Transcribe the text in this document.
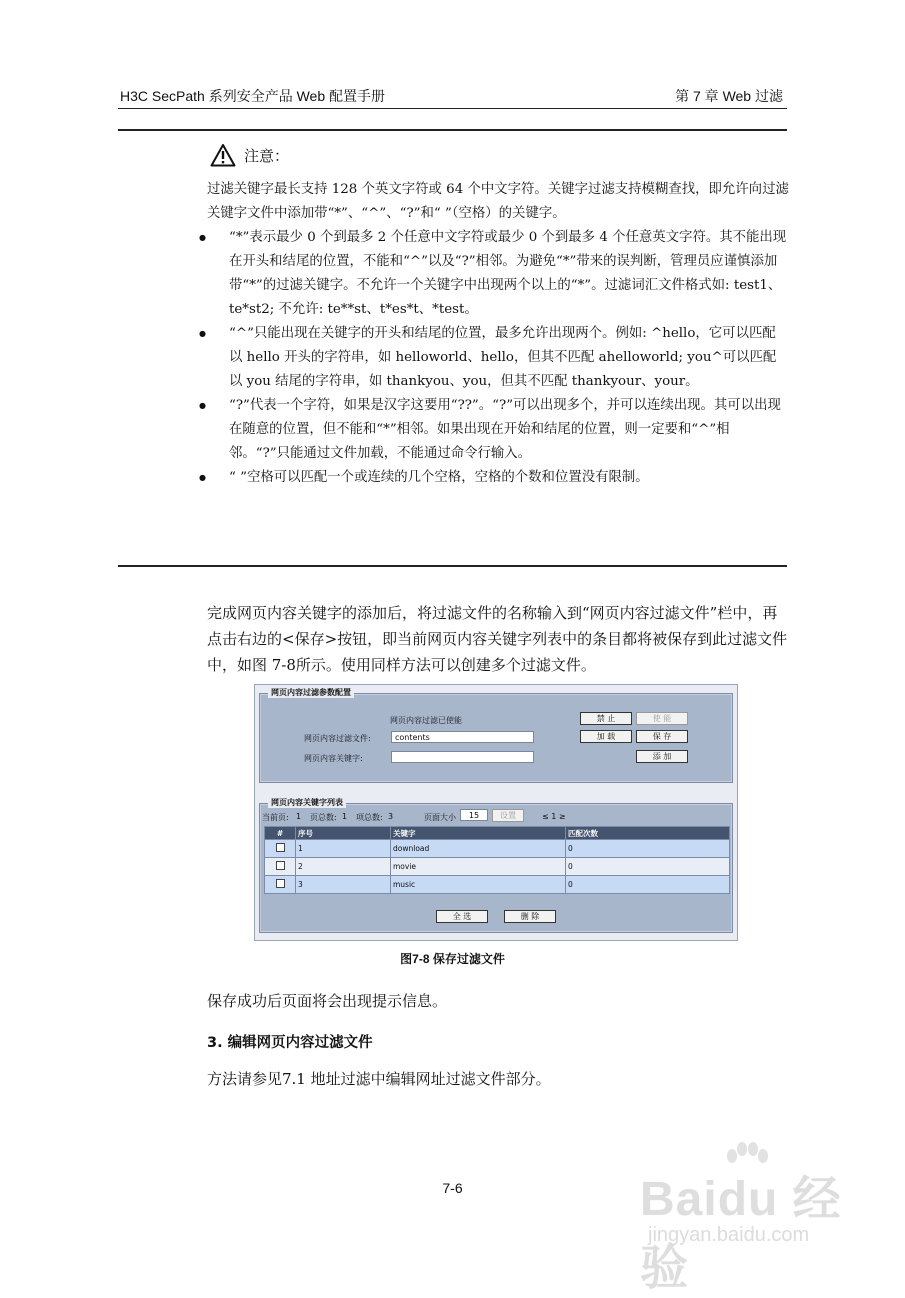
H3C SecPath 系列安全产品 Web 配置手册	第 7 章 Web 过滤
注意：

过滤关键字最长支持 128 个英文字符或 64 个中文字符。关键字过滤支持模糊查找，即允许向过滤关键字文件中添加带“*”、“^”、“?”和“ ”（空格）的关键字。

● “*”表示最少 0 个到最多 2 个任意中文字符或最少 0 个到最多 4 个任意英文字符。其不能出现在开头和结尾的位置，不能和“^”以及“?”相邻。为避免“*”带来的误判断，管理员应谨慎添加带“*”的过滤关键字。不允许一个关键字中出现两个以上的“*”。过滤词汇文件格式如: test1、te*st2; 不允许: te**st、t*es*t、*test。
● “^”只能出现在关键字的开头和结尾的位置，最多允许出现两个。例如: ^hello，它可以匹配以 hello 开头的字符串，如 helloworld、hello，但其不匹配 ahelloworld; you^可以匹配以 you 结尾的字符串，如 thankyou、you，但其不匹配 thankyour、your。
● “?”代表一个字符，如果是汉字这要用“??”。“?”可以出现多个，并可以连续出现。其可以出现在随意的位置，但不能和“*”相邻。如果出现在开始和结尾的位置，则一定要和“^”相邻。“?”只能通过文件加载，不能通过命令行输入。
● “ ”空格可以匹配一个或连续的几个空格，空格的个数和位置没有限制。
完成网页内容关键字的添加后，将过滤文件的名称输入到“网页内容过滤文件”栏中，再点击右边的<保存>按钮，即当前网页内容关键字列表中的条目都将被保存到此过滤文件中，如图 7-8所示。使用同样方法可以创建多个过滤文件。
网页内容过滤参数配置
网页内容过滤已使能
网页内容过滤文件:	contents
网页内容关键字:
禁 止	使 能
加 载	保 存
添 加
网页内容关键字列表
当前页: 1 页总数: 1 项总数: 3	页面大小	15	设置	≤ 1 ≥
#	序号	关键字	匹配次数
	1	download	0
	2	movie	0
	3	music	0
全 选	删 除
图7-8 保存过滤文件
保存成功后页面将会出现提示信息。
3. 编辑网页内容过滤文件
方法请参见7.1 地址过滤中编辑网址过滤文件部分。
7-6	Baidu 经验
jingyan.baidu.com
